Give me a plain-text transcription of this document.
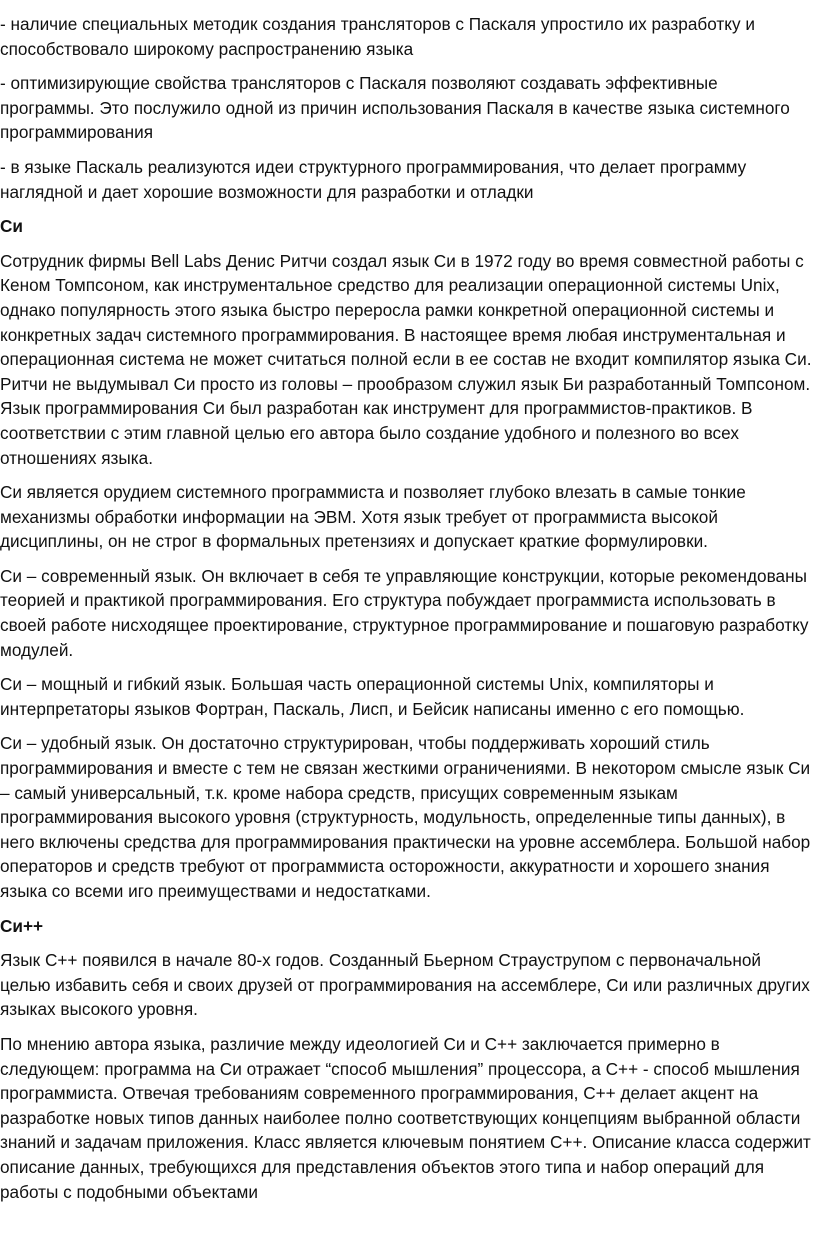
- наличие специальных методик создания трансляторов с Паскаля упростило их разработку и способствовало широкому распространению языка

- оптимизирующие свойства трансляторов с Паскаля позволяют создавать эффективные программы. Это послужило одной из причин использования Паскаля в качестве языка системного программирования

- в языке Паскаль реализуются идеи структурного программирования, что делает программу наглядной и дает хорошие возможности для разработки и отладки

Си

Сотрудник фирмы Bell Labs Денис Ритчи создал язык Си в 1972 году во время совместной работы с Кеном Томпсоном, как инструментальное средство для реализации операционной системы Unix, однако популярность этого языка быстро переросла рамки конкретной операционной системы и конкретных задач системного программирования. В настоящее время любая инструментальная и операционная система не может считаться полной если в ее состав не входит компилятор языка Си. Ритчи не выдумывал Си просто из головы – прообразом служил язык Би разработанный Томпсоном. Язык программирования Си был разработан как инструмент для программистов-практиков. В соответствии с этим главной целью его автора было создание удобного и полезного во всех отношениях языка.

Си является орудием системного программиста и позволяет глубоко влезать в самые тонкие механизмы обработки информации на ЭВМ. Хотя язык требует от программиста высокой дисциплины, он не строг в формальных претензиях и допускает краткие формулировки.

Си – современный язык. Он включает в себя те управляющие конструкции, которые рекомендованы теорией и практикой программирования. Его структура побуждает программиста использовать в своей работе нисходящее проектирование, структурное программирование и пошаговую разработку модулей.

Си – мощный и гибкий язык. Большая часть операционной системы Unix, компиляторы и интерпретаторы языков Фортран, Паскаль, Лисп, и Бейсик написаны именно с его помощью.

Си – удобный язык. Он достаточно структурирован, чтобы поддерживать хороший стиль программирования и вместе с тем не связан жесткими ограничениями. В некотором смысле язык Си – самый универсальный, т.к. кроме набора средств, присущих современным языкам программирования высокого уровня (структурность, модульность, определенные типы данных), в него включены средства для программирования практически на уровне ассемблера. Большой набор операторов и средств требуют от программиста осторожности, аккуратности и хорошего знания языка со всеми иго преимуществами и недостатками.

Си++

Язык С++ появился в начале 80-х годов. Созданный Бьерном Страуструпом с первоначальной целью избавить себя и своих друзей от программирования на ассемблере, Си или различных других языках высокого уровня.

По мнению автора языка, различие между идеологией Си и С++ заключается примерно в следующем: программа на Си отражает “способ мышления” процессора, а С++ - способ мышления программиста. Отвечая требованиям современного программирования, С++ делает акцент на разработке новых типов данных наиболее полно соответствующих концепциям выбранной области знаний и задачам приложения. Класс является ключевым понятием С++. Описание класса содержит описание данных, требующихся для представления объектов этого типа и набор операций для работы с подобными объектами
